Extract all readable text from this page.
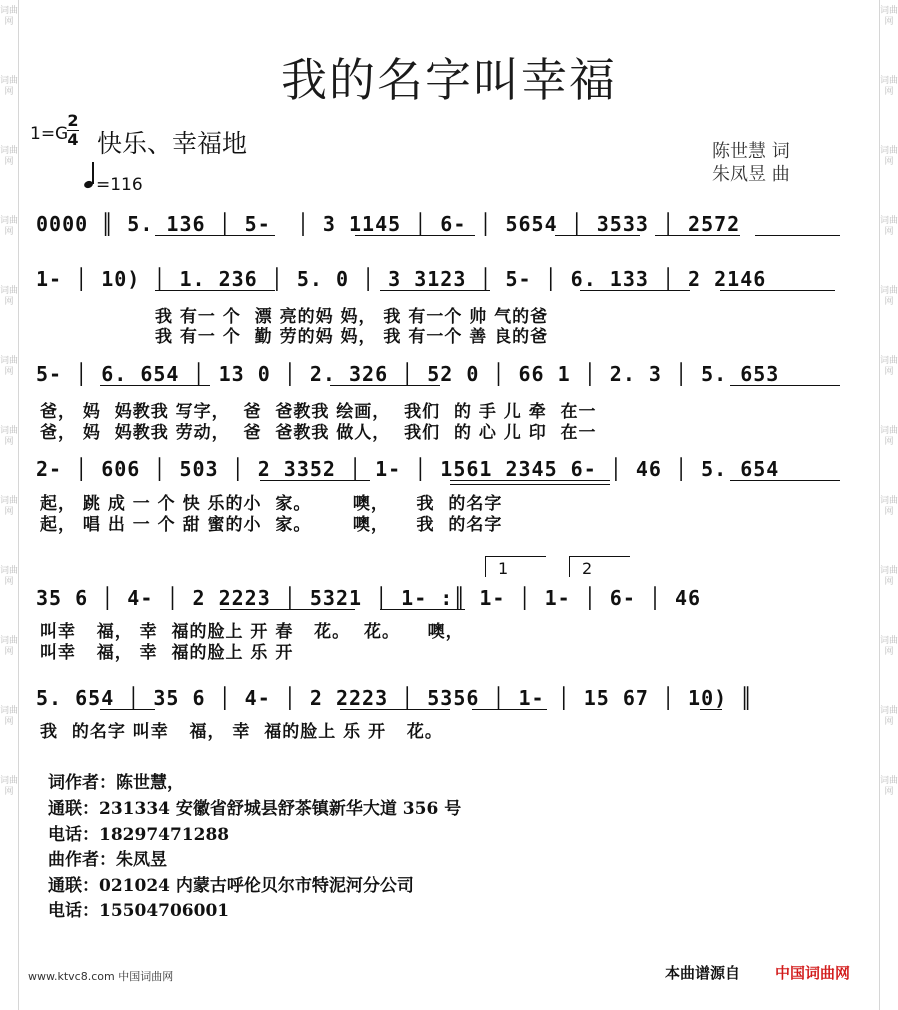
词曲网
词曲网
词曲网
词曲网
词曲网
词曲网
词曲网
词曲网
词曲网
词曲网
词曲网
词曲网
词曲网
词曲网
词曲网
词曲网
词曲网
词曲网
词曲网
词曲网
词曲网
词曲网
词曲网
词曲网
我的名字叫幸福
1=G
2
4 快乐、幸福地
=116
陈世慧 词
朱凤昱 曲
0000 ║ 5. 136 │ 5-  │ 3 1145 │ 6- │ 5654 │ 3533 │ 2572
1- │ 10) │ 1. 236 │ 5. 0 │ 3 3123 │ 5- │ 6. 133 │ 2 2146
我 有一 个  漂 亮的妈 妈， 我 有一个 帅 气的爸
我 有一 个  勤 劳的妈 妈， 我 有一个 善 良的爸
5- │ 6. 654 │ 13 0 │ 2. 326 │ 52 0 │ 66 1 │ 2. 3 │ 5. 653
爸， 妈  妈教我 写字，  爸  爸教我 绘画，  我们  的 手 儿 牵  在一
爸， 妈  妈教我 劳动，  爸  爸教我 做人，  我们  的 心 儿 印  在一
2- │ 606 │ 503 │ 2 3352 │ 1- │ 1561 2345 6- │ 46 │ 5. 654
起， 跳 成 一 个 快 乐的小  家。      噢，    我  的名字
起， 唱 出 一 个 甜 蜜的小  家。      噢，    我  的名字
1	2
35 6 │ 4- │ 2 2223 │ 5321 │ 1- :║ 1- │ 1- │ 6- │ 46
叫幸   福， 幸  福的脸上 开 春   花。  花。    噢，
叫幸   福， 幸  福的脸上 乐 开
5. 654 │ 35 6 │ 4- │ 2 2223 │ 5356 │ 1- │ 15 67 │ 10) ║
我  的名字 叫幸   福， 幸  福的脸上 乐 开   花。
词作者：陈世慧，
通联：231334 安徽省舒城县舒茶镇新华大道 356 号
电话：18297471288
曲作者：朱凤昱
通联：021024 内蒙古呼伦贝尔市特泥河分公司
电话：15504706001
www.ktvc8.com 中国词曲网	本曲谱源自 中国词曲网
